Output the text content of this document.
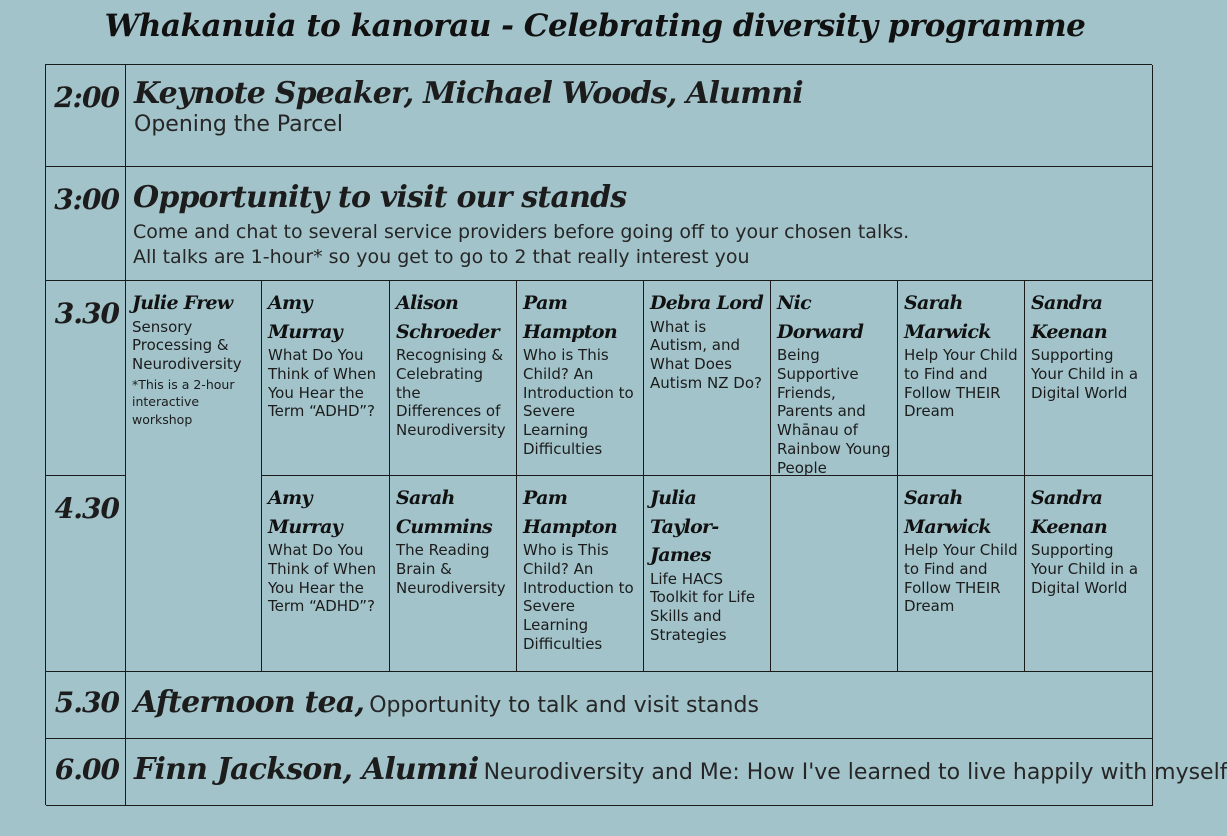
Whakanuia to kanorau - Celebrating diversity programme
2:00 Keynote Speaker, Michael Woods, Alumni
Opening the Parcel
3:00 Opportunity to visit our stands
Come and chat to several service providers before going off to your chosen talks.
All talks are 1-hour* so you get to go to 2 that really interest you
3.30
4.30
Julie Frew
Sensory Processing & Neurodiversity
*This is a 2-hour interactive workshop
Amy Murray
What Do You Think of When You Hear the Term “ADHD”?
Alison Schroeder
Recognising & Celebrating the Differences of Neurodiversity
Pam Hampton
Who is This Child? An Introduction to Severe Learning Difficulties
Debra Lord
What is Autism, and What Does Autism NZ Do?
Nic Dorward
Being Supportive Friends, Parents and Whānau of Rainbow Young People
Sarah Marwick
Help Your Child to Find and Follow THEIR Dream
Sandra Keenan
Supporting Your Child in a Digital World
Amy Murray
What Do You Think of When You Hear the Term “ADHD”?
Sarah Cummins
The Reading Brain & Neurodiversity
Pam Hampton
Who is This Child? An Introduction to Severe Learning Difficulties
Julia Taylor-James
Life HACS Toolkit for Life Skills and Strategies
Sarah Marwick
Help Your Child to Find and Follow THEIR Dream
Sandra Keenan
Supporting Your Child in a Digital World
5.30 Afternoon tea, Opportunity to talk and visit stands
6.00 Finn Jackson, Alumni Neurodiversity and Me: How I've learned to live happily with myself
